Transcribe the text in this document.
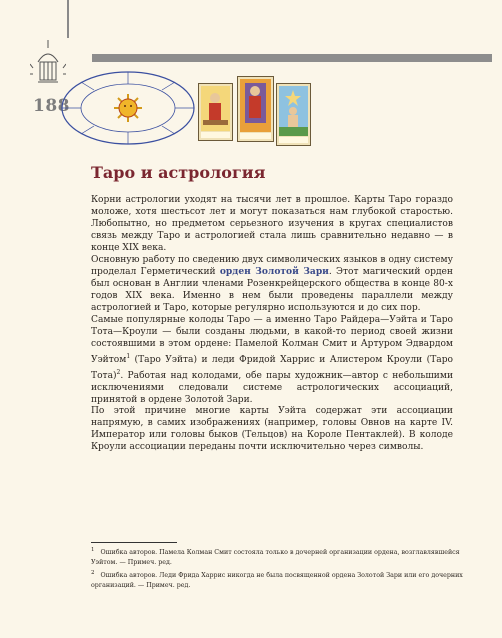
188
Таро и астрология

Корни астрологии уходят на тысячи лет в прошлое. Карты Таро гораздо моложе, хотя шестьсот лет и могут показаться нам глубокой старостью. Любопытно, но предметом серьезного изучения в кругах специалистов связь между Таро и астрологией стала лишь сравнительно недавно — в конце XIX века.

Основную работу по сведению двух символических языков в одну систему проделал Герметический орден Золотой Зари. Этот магический орден был основан в Англии членами Розенкрейцерского общества в конце 80-х годов XIX века. Именно в нем были проведены параллели между астрологией и Таро, которые регулярно используются и до сих пор.

Самые популярные колоды Таро — а именно Таро Райдера—Уэйта и Таро Тота—Кроули — были созданы людьми, в какой-то период своей жизни состоявшими в этом ордене: Памелой Колман Смит и Артуром Эдвардом Уэйтом$^1$ (Таро Уэйта) и леди Фридой Харрис и Алистером Кроули (Таро Тота)$^2$. Работая над колодами, обе пары художник—автор с небольшими исключениями следовали системе астрологических ассоциаций, принятой в ордене Золотой Зари.

По этой причине многие карты Уэйта содержат эти ассоциации напрямую, в самих изображениях (например, головы Овнов на карте IV. Император или головы быков (Тельцов) на Короле Пентаклей). В колоде Кроули ассоциации переданы почти исключительно через символы.

1 Ошибка авторов. Памела Колман Смит состояла только в дочерней организации ордена, возглавлявшейся Уэйтом. — Примеч. ред.

2 Ошибка авторов. Леди Фрида Харрис никогда не была посвященной ордена Золотой Зари или его дочерних организаций. — Примеч. ред.
